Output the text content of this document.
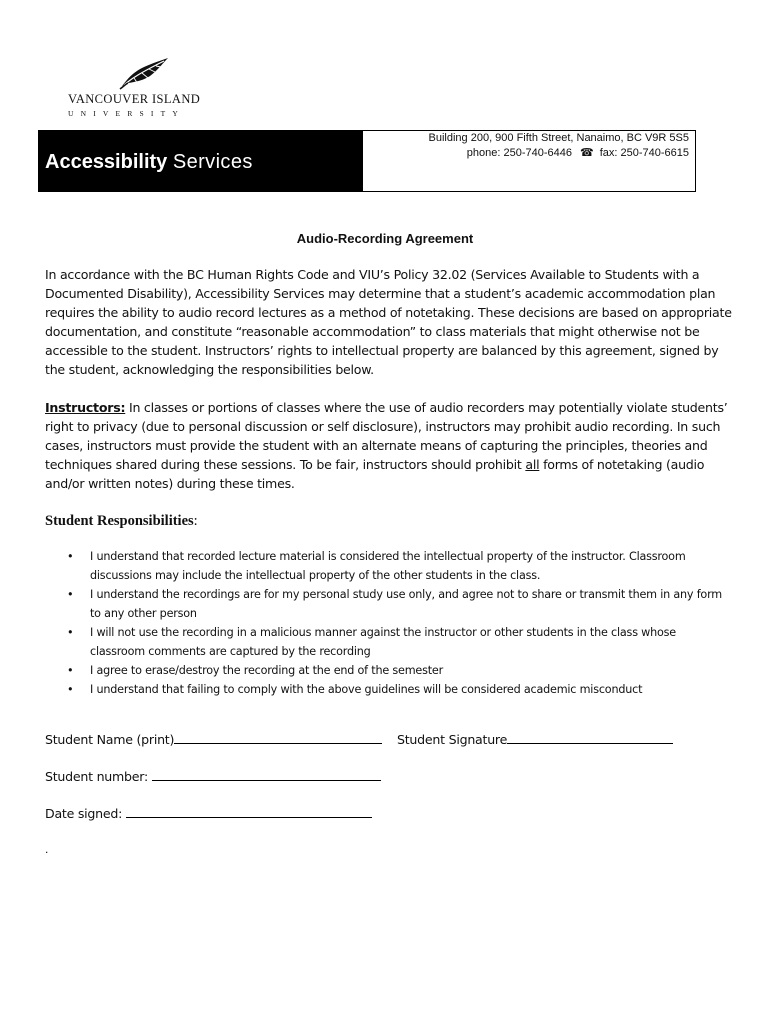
VANCOUVER ISLAND
UNIVERSITY
Accessibility Services
Building 200, 900 Fifth Street, Nanaimo, BC V9R 5S5
phone: 250-740-6446 ☎ fax: 250-740-6615
Audio-Recording Agreement
In accordance with the BC Human Rights Code and VIU’s Policy 32.02 (Services Available to Students with a Documented Disability), Accessibility Services may determine that a student’s academic accommodation plan requires the ability to audio record lectures as a method of notetaking. These decisions are based on appropriate documentation, and constitute “reasonable accommodation” to class materials that might otherwise not be accessible to the student. Instructors’ rights to intellectual property are balanced by this agreement, signed by the student, acknowledging the responsibilities below.
Instructors: In classes or portions of classes where the use of audio recorders may potentially violate students’ right to privacy (due to personal discussion or self disclosure), instructors may prohibit audio recording. In such cases, instructors must provide the student with an alternate means of capturing the principles, theories and techniques shared during these sessions. To be fair, instructors should prohibit all forms of notetaking (audio and/or written notes) during these times.
Student Responsibilities:
• I understand that recorded lecture material is considered the intellectual property of the instructor. Classroom discussions may include the intellectual property of the other students in the class.
• I understand the recordings are for my personal study use only, and agree not to share or transmit them in any form to any other person
• I will not use the recording in a malicious manner against the instructor or other students in the class whose classroom comments are captured by the recording
• I agree to erase/destroy the recording at the end of the semester
• I understand that failing to comply with the above guidelines will be considered academic misconduct
Student Name (print)	Student Signature
Student number:
Date signed:
.
